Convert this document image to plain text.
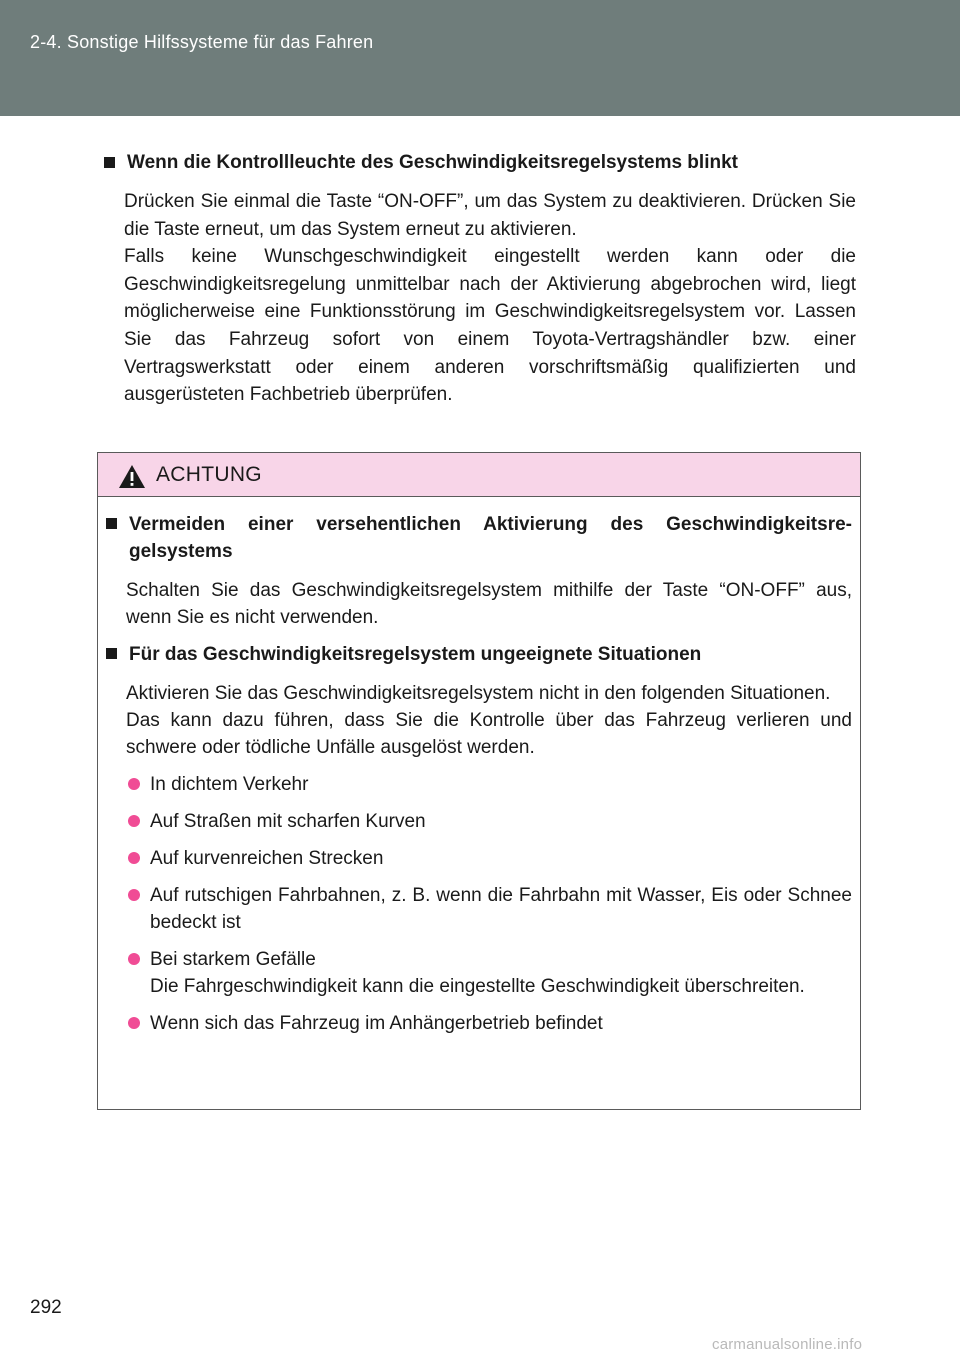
2-4. Sonstige Hilfssysteme für das Fahren
Wenn die Kontrollleuchte des Geschwindigkeitsregelsystems blinkt

Drücken Sie einmal die Taste “ON-OFF”, um das System zu deaktivieren. Drücken Sie die Taste erneut, um das System erneut zu aktivieren.

Falls keine Wunschgeschwindigkeit eingestellt werden kann oder die Geschwindigkeitsregelung unmittelbar nach der Aktivierung abgebrochen wird, liegt möglicherweise eine Funktionsstörung im Geschwindigkeitsregelsystem vor. Lassen Sie das Fahrzeug sofort von einem Toyota-Vertragshändler bzw. einer Vertragswerkstatt oder einem anderen vorschriftsmäßig qualifizierten und ausgerüsteten Fachbetrieb überprüfen.

ACHTUNG
Vermeiden einer versehentlichen Aktivierung des Geschwindigkeitsregelsystems
Schalten Sie das Geschwindigkeitsregelsystem mithilfe der Taste “ON-OFF” aus, wenn Sie es nicht verwenden.
Für das Geschwindigkeitsregelsystem ungeeignete Situationen

Aktivieren Sie das Geschwindigkeitsregelsystem nicht in den folgenden Situationen.

Das kann dazu führen, dass Sie die Kontrolle über das Fahrzeug verlieren und schwere oder tödliche Unfälle ausgelöst werden.

In dichtem Verkehr
Auf Straßen mit scharfen Kurven
Auf kurvenreichen Strecken
Auf rutschigen Fahrbahnen, z. B. wenn die Fahrbahn mit Wasser, Eis oder Schnee bedeckt ist
Bei starkem Gefälle
Die Fahrgeschwindigkeit kann die eingestellte Geschwindigkeit überschreiten.
Wenn sich das Fahrzeug im Anhängerbetrieb befindet
292
carmanualsonline.info
